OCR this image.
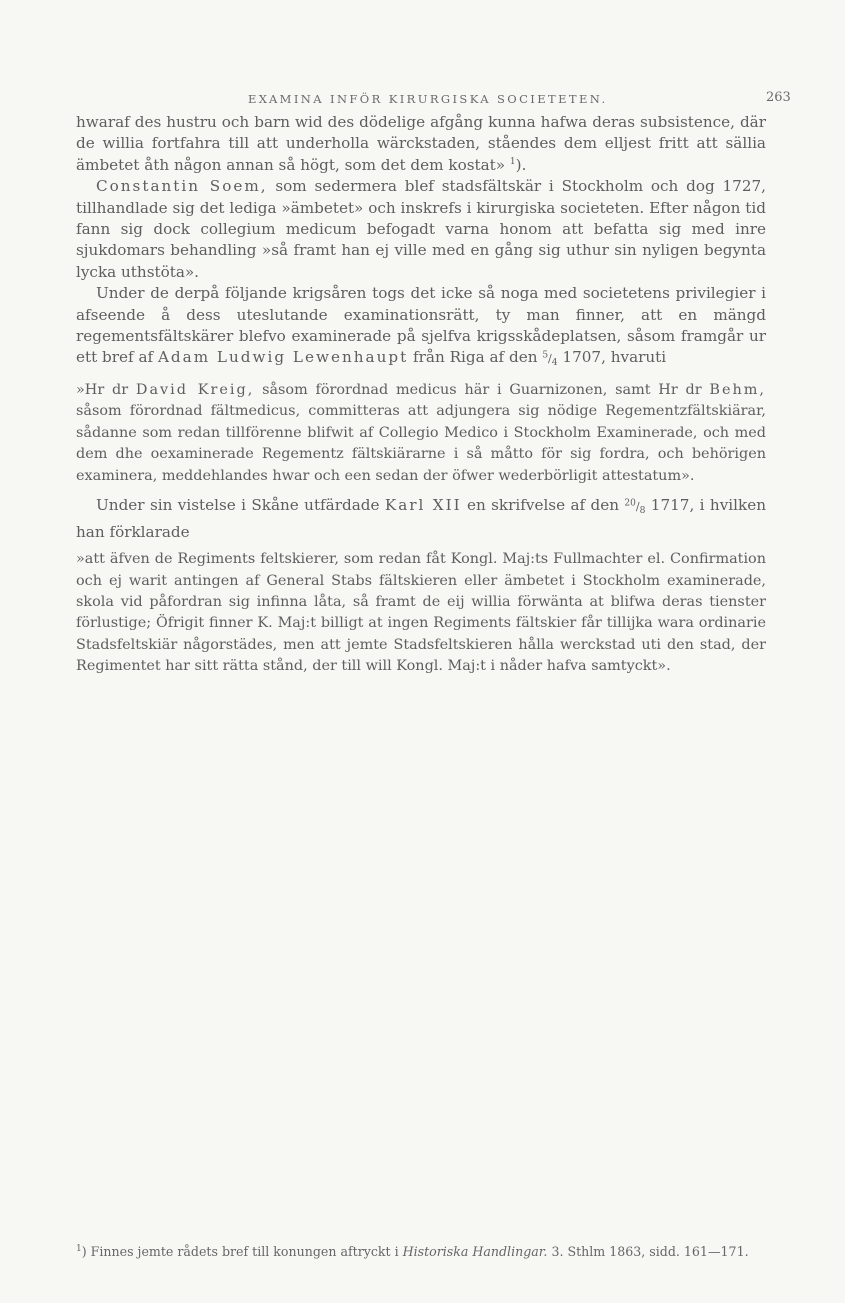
EXAMINA INFÖR KIRURGISKA SOCIETETEN.	263

hwaraf des hustru och barn wid des dödelige afgång kunna hafwa deras subsistence, där de willia fortfahra till att underholla wärckstaden, ståendes dem elljest fritt att sällia ämbetet åth någon annan så högt, som det dem kostat» $^1$).

Constantin Soem, som sedermera blef stadsfältskär i Stockholm och dog 1727, tillhandlade sig det lediga »ämbetet» och inskrefs i kirurgiska societeten. Efter någon tid fann sig dock collegium medicum befogadt varna honom att befatta sig med inre sjukdomars behandling »så framt han ej ville med en gång sig uthur sin nyligen begynta lycka uthstöta».

Under de derpå följande krigsåren togs det icke så noga med societetens privilegier i afseende å dess uteslutande examinationsrätt, ty man finner, att en mängd regementsfältskärer blefvo examinerade på sjelfva krigsskådeplatsen, såsom framgår ur ett bref af Adam Ludwig Lewenhaupt från Riga af den $^5/_4$ 1707, hvaruti

»Hr dr David Kreig, såsom förordnad medicus här i Guarnizonen, samt Hr dr Behm, såsom förordnad fältmedicus, committeras att adjungera sig nödige Regementzfältskiärar, sådanne som redan tillförenne blifwit af Collegio Medico i Stockholm Examinerade, och med dem dhe oexaminerade Regementz fältskiärarne i så måtto för sig fordra, och behörigen examinera, meddehlandes hwar och een sedan der öfwer wederbörligit attestatum».

Under sin vistelse i Skåne utfärdade Karl XII en skrifvelse af den $^{20}/_8$ 1717, i hvilken han förklarade

»att äfven de Regiments feltskierer, som redan fåt Kongl. Maj:ts Fullmachter el. Confirmation och ej warit antingen af General Stabs fältskieren eller ämbetet i Stockholm examinerade, skola vid påfordran sig infinna låta, så framt de eij willia förwänta at blifwa deras tienster förlustige; Öfrigit finner K. Maj:t billigt at ingen Regiments fältskier får tillijka wara ordinarie Stadsfeltskiär någorstädes, men att jemte Stadsfeltskieren hålla werckstad uti den stad, der Regimentet har sitt rätta stånd, der till will Kongl. Maj:t i nåder hafva samtyckt».

$^1$) Finnes jemte rådets bref till konungen aftryckt i Historiska Handlingar. 3. Sthlm 1863, sidd. 161—171.
